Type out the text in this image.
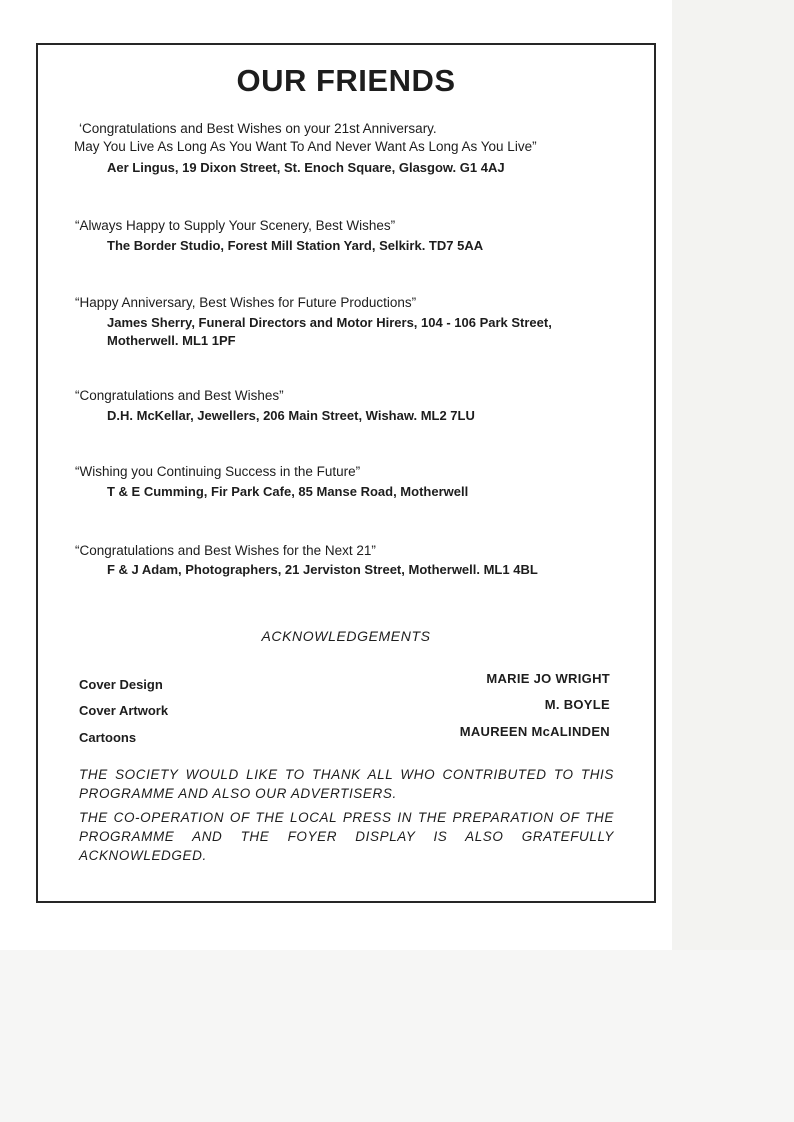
OUR FRIENDS
‘Congratulations and Best Wishes on your 21st Anniversary.
May You Live As Long As You Want To And Never Want As Long As You Live”
Aer Lingus, 19 Dixon Street, St. Enoch Square, Glasgow. G1 4AJ
“Always Happy to Supply Your Scenery, Best Wishes”
The Border Studio, Forest Mill Station Yard, Selkirk. TD7 5AA
“Happy Anniversary, Best Wishes for Future Productions”
James Sherry, Funeral Directors and Motor Hirers, 104 - 106 Park Street, Motherwell. ML1 1PF
“Congratulations and Best Wishes”
D.H. McKellar, Jewellers, 206 Main Street, Wishaw. ML2 7LU
“Wishing you Continuing Success in the Future”
T & E Cumming, Fir Park Cafe, 85 Manse Road, Motherwell
“Congratulations and Best Wishes for the Next 21”
F & J Adam, Photographers, 21 Jerviston Street, Motherwell. ML1 4BL
ACKNOWLEDGEMENTS
Cover Design	MARIE JO WRIGHT
Cover Artwork	M. BOYLE
Cartoons	MAUREEN McALINDEN
THE SOCIETY WOULD LIKE TO THANK ALL WHO CONTRIBUTED TO THIS PROGRAMME AND ALSO OUR ADVERTISERS.
THE CO-OPERATION OF THE LOCAL PRESS IN THE PREPARATION OF THE PROGRAMME AND THE FOYER DISPLAY IS ALSO GRATEFULLY ACKNOWLEDGED.
